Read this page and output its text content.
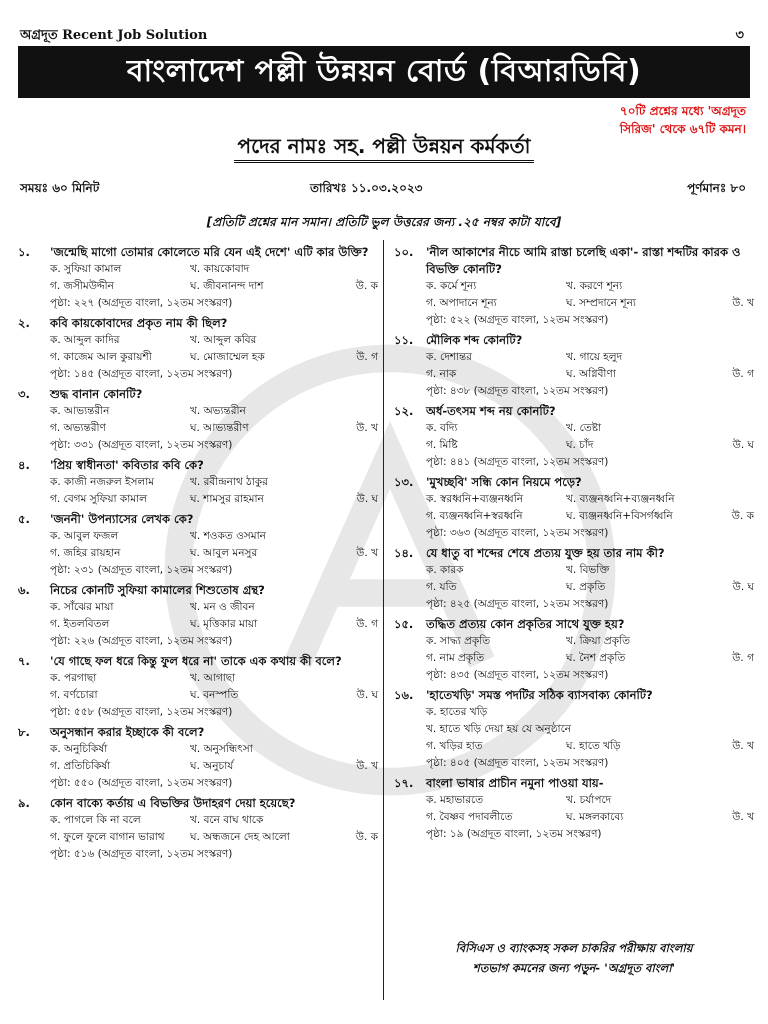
অগ্রদূত Recent Job Solution	৩
বাংলাদেশ পল্লী উন্নয়ন বোর্ড (বিআরডিবি)
৭০টি প্রশ্নের মধ্যে 'অগ্রদূত
সিরিজ' থেকে ৬৭টি কমন।
পদের নামঃ সহ. পল্লী উন্নয়ন কর্মকর্তা
সময়ঃ ৬০ মিনিট	তারিখঃ ১১.০৩.২০২৩	পূর্ণমানঃ ৮০
[প্রতিটি প্রশ্নের মান সমান। প্রতিটি ভুল উত্তরের জন্য .২৫ নম্বর কাটা যাবে]
১.	'জন্মেছি মাগো তোমার কোলেতে মরি যেন এই দেশে' এটি কার উক্তি?
ক. সুফিয়া কামাল	খ. কায়কোবাদ
গ. জসীমউদ্দীন	ঘ. জীবনানন্দ দাশ	উ. ক
পৃষ্ঠা: ২২৭ (অগ্রদূত বাংলা, ১২তম সংস্করণ)
২.	কবি কায়কোবাদের প্রকৃত নাম কী ছিল?
ক. আব্দুল কাদির	খ. আব্দুল কবির
গ. কাজেম আল কুরায়শী	ঘ. মোজাম্মেল হক	উ. গ
পৃষ্ঠা: ১৪৫ (অগ্রদূত বাংলা, ১২তম সংস্করণ)
৩.	শুদ্ধ বানান কোনটি?
ক. আভ্যন্তরীন	খ. অভ্যন্তরীন
গ. অভ্যন্তরীণ	ঘ. আভ্যন্তরীণ	উ. খ
পৃষ্ঠা: ৩৩১ (অগ্রদূত বাংলা, ১২তম সংস্করণ)
৪.	'প্রিয় স্বাধীনতা' কবিতার কবি কে?
ক. কাজী নজরুল ইসলাম	খ. রবীন্দ্রনাথ ঠাকুর
গ. বেগম সুফিয়া কামাল	ঘ. শামসুর রাহমান	উ. ঘ
৫.	'জননী' উপন্যাসের লেখক কে?
ক. আবুল ফজল	খ. শওকত ওসমান
গ. জহির রায়হান	ঘ. আবুল মনসুর	উ. খ
পৃষ্ঠা: ২৩১ (অগ্রদূত বাংলা, ১২তম সংস্করণ)
৬.	নিচের কোনটি সুফিয়া কামালের শিশুতোষ গ্রন্থ?
ক. সাঁঝের মায়া	খ. মন ও জীবন
গ. ইতলবিতল	ঘ. মৃত্তিকার মায়া	উ. গ
পৃষ্ঠা: ২২৬ (অগ্রদূত বাংলা, ১২তম সংস্করণ)
৭.	'যে গাছে ফল ধরে কিন্তু ফুল ধরে না' তাকে এক কথায় কী বলে?
ক. পরগাছা	খ. আগাছা
গ. বর্ণচোরা	ঘ. বনস্পতি	উ. ঘ
পৃষ্ঠা: ৫৫৮ (অগ্রদূত বাংলা, ১২তম সংস্করণ)
৮.	অনুসন্ধান করার ইচ্ছাকে কী বলে?
ক. অনুচিকির্ষা	খ. অনুসন্ধিৎসা
গ. প্রতিচিকির্ষা	ঘ. অনুচার্য	উ. খ
পৃষ্ঠা: ৫৫০ (অগ্রদূত বাংলা, ১২তম সংস্করণ)
৯.	কোন বাক্যে কর্তায় এ বিভক্তির উদাহরণ দেয়া হয়েছে?
ক. পাগলে কি না বলে	খ. বনে বাঘ থাকে
গ. ফুলে ফুলে বাগান ভারাথ	ঘ. অন্ধজনে দেহ আলো	উ. ক
পৃষ্ঠা: ৫১৬ (অগ্রদূত বাংলা, ১২তম সংস্করণ)
১০.	'নীল আকাশের নীচে আমি রাস্তা চলেছি একা'- রাস্তা শব্দটির কারক ও বিভক্তি কোনটি?
ক. কর্মে শূন্য	খ. করণে শূন্য
গ. অপাদানে শূন্য	ঘ. সম্প্রদানে শূন্য	উ. খ
পৃষ্ঠা: ৫২২ (অগ্রদূত বাংলা, ১২তম সংস্করণ)
১১.	মৌলিক শব্দ কোনটি?
ক. দেশান্তর	খ. গায়ে হলুদ
গ. নাক	ঘ. অগ্নিবীণা	উ. গ
পৃষ্ঠা: ৪৩৮ (অগ্রদূত বাংলা, ১২তম সংস্করণ)
১২.	অর্ধ-তৎসম শব্দ নয় কোনটি?
ক. বদ্যি	খ. তেষ্টা
গ. মিষ্টি	ঘ. চাঁদ	উ. ঘ
পৃষ্ঠা: ৪৪১ (অগ্রদূত বাংলা, ১২তম সংস্করণ)
১৩.	'মুখচ্ছবি' সন্ধি কোন নিয়মে পড়ে?
ক. স্বরধ্বনি+ব্যঞ্জনধ্বনি	খ. ব্যঞ্জনধ্বনি+ব্যঞ্জনধ্বনি
গ. ব্যঞ্জনধ্বনি+স্বরধ্বনি	ঘ. ব্যঞ্জনধ্বনি+বিসর্গধ্বনি	উ. ক
পৃষ্ঠা: ৩৬৩ (অগ্রদূত বাংলা, ১২তম সংস্করণ)
১৪.	যে ধাতু বা শব্দের শেষে প্রত্যয় যুক্ত হয় তার নাম কী?
ক. কারক	খ. বিভক্তি
গ. যতি	ঘ. প্রকৃতি	উ. ঘ
পৃষ্ঠা: ৪২৫ (অগ্রদূত বাংলা, ১২তম সংস্করণ)
১৫.	তদ্ধিত প্রত্যয় কোন প্রকৃতির সাথে যুক্ত হয়?
ক. সাদ্ধ্য প্রকৃতি	খ. ক্রিয়া প্রকৃতি
গ. নাম প্রকৃতি	ঘ. নৈশ প্রকৃতি	উ. গ
পৃষ্ঠা: ৪৩৫ (অগ্রদূত বাংলা, ১২তম সংস্করণ)
১৬.	'হাতেখড়ি' সমস্ত পদটির সঠিক ব্যাসবাক্য কোনটি?
ক. হাতের খড়ি
খ. হাতে খড়ি দেয়া হয় যে অনুষ্ঠানে
গ. খড়ির হাত	ঘ. হাতে খড়ি	উ. খ
পৃষ্ঠা: ৪০৫ (অগ্রদূত বাংলা, ১২তম সংস্করণ)
১৭.	বাংলা ভাষার প্রাচীন নমুনা পাওয়া যায়-
ক. মহাভারতে	খ. চর্যাপদে
গ. বৈষ্ণব পদাবলীতে	ঘ. মঙ্গলকাব্যে	উ. খ
পৃষ্ঠা: ১৯ (অগ্রদূত বাংলা, ১২তম সংস্করণ)
বিসিএস ও ব্যাংকসহ সকল চাকরির পরীক্ষায় বাংলায়
শতভাগ কমনের জন্য পড়ুন- 'অগ্রদূত বাংলা'
